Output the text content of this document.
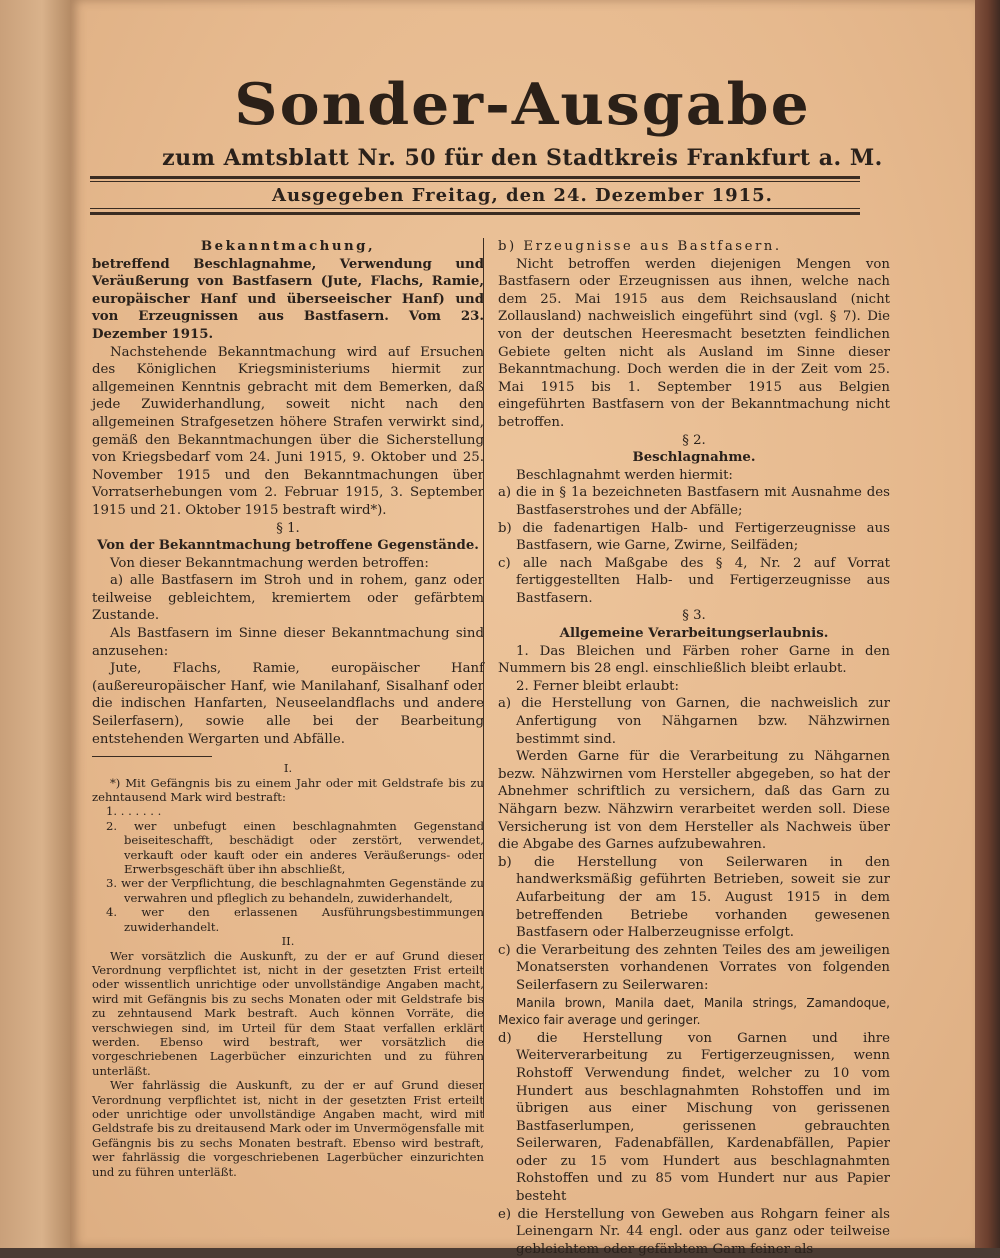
Sonder-Ausgabe
zum Amtsblatt Nr. 50 für den Stadtkreis Frankfurt a. M.
Ausgegeben Freitag, den 24. Dezember 1915.

Bekanntmachung,

betreffend Beschlagnahme, Verwendung und Veräußerung von Bastfasern (Jute, Flachs, Ramie, europäischer Hanf und überseeischer Hanf) und von Erzeugnissen aus Bastfasern. Vom 23. Dezember 1915.

Nachstehende Bekanntmachung wird auf Ersuchen des Königlichen Kriegsministeriums hiermit zur allgemeinen Kenntnis gebracht mit dem Bemerken, daß jede Zuwiderhandlung, soweit nicht nach den allgemeinen Strafgesetzen höhere Strafen verwirkt sind, gemäß den Bekanntmachungen über die Sicherstellung von Kriegsbedarf vom 24. Juni 1915, 9. Oktober und 25. November 1915 und den Bekanntmachungen über Vorratserhebungen vom 2. Februar 1915, 3. September 1915 und 21. Oktober 1915 bestraft wird*).

§ 1.

Von der Bekanntmachung betroffene Gegenstände.

Von dieser Bekanntmachung werden betroffen:

a) alle Bastfasern im Stroh und in rohem, ganz oder teilweise gebleichtem, kremiertem oder gefärbtem Zustande.

Als Bastfasern im Sinne dieser Bekanntmachung sind anzusehen:

Jute, Flachs, Ramie, europäischer Hanf (außereuropäischer Hanf, wie Manilahanf, Sisalhanf oder die indischen Hanfarten, Neuseelandflachs und andere Seilerfasern), sowie alle bei der Bearbeitung entstehenden Wergarten und Abfälle.

I.

*) Mit Gefängnis bis zu einem Jahr oder mit Geldstrafe bis zu zehntausend Mark wird bestraft:

1. . . . . . .

2. wer unbefugt einen beschlagnahmten Gegenstand beiseiteschafft, beschädigt oder zerstört, verwendet, verkauft oder kauft oder ein anderes Veräußerungs- oder Erwerbsgeschäft über ihn abschließt,

3. wer der Verpflichtung, die beschlagnahmten Gegenstände zu verwahren und pfleglich zu behandeln, zuwiderhandelt,

4. wer den erlassenen Ausführungsbestimmungen zuwiderhandelt.

II.

Wer vorsätzlich die Auskunft, zu der er auf Grund dieser Verordnung verpflichtet ist, nicht in der gesetzten Frist erteilt oder wissentlich unrichtige oder unvollständige Angaben macht, wird mit Gefängnis bis zu sechs Monaten oder mit Geldstrafe bis zu zehntausend Mark bestraft. Auch können Vorräte, die verschwiegen sind, im Urteil für dem Staat verfallen erklärt werden. Ebenso wird bestraft, wer vorsätzlich die vorgeschriebenen Lagerbücher einzurichten und zu führen unterläßt.

Wer fahrlässig die Auskunft, zu der er auf Grund dieser Verordnung verpflichtet ist, nicht in der gesetzten Frist erteilt oder unrichtige oder unvollständige Angaben macht, wird mit Geldstrafe bis zu dreitausend Mark oder im Unvermögensfalle mit Gefängnis bis zu sechs Monaten bestraft. Ebenso wird bestraft, wer fahrlässig die vorgeschriebenen Lagerbücher einzurichten und zu führen unterläßt.

b) Erzeugnisse aus Bastfasern.

Nicht betroffen werden diejenigen Mengen von Bastfasern oder Erzeugnissen aus ihnen, welche nach dem 25. Mai 1915 aus dem Reichsausland (nicht Zollausland) nachweislich eingeführt sind (vgl. § 7). Die von der deutschen Heeresmacht besetzten feindlichen Gebiete gelten nicht als Ausland im Sinne dieser Bekanntmachung. Doch werden die in der Zeit vom 25. Mai 1915 bis 1. September 1915 aus Belgien eingeführten Bastfasern von der Bekanntmachung nicht betroffen.

§ 2.

Beschlagnahme.

Beschlagnahmt werden hiermit:

a) die in § 1a bezeichneten Bastfasern mit Ausnahme des Bastfaserstrohes und der Abfälle;

b) die fadenartigen Halb- und Fertigerzeugnisse aus Bastfasern, wie Garne, Zwirne, Seilfäden;

c) alle nach Maßgabe des § 4, Nr. 2 auf Vorrat fertiggestellten Halb- und Fertigerzeugnisse aus Bastfasern.

§ 3.

Allgemeine Verarbeitungserlaubnis.

1. Das Bleichen und Färben roher Garne in den Nummern bis 28 engl. einschließlich bleibt erlaubt.

2. Ferner bleibt erlaubt:

a) die Herstellung von Garnen, die nachweislich zur Anfertigung von Nähgarnen bzw. Nähzwirnen bestimmt sind.

Werden Garne für die Verarbeitung zu Nähgarnen bezw. Nähzwirnen vom Hersteller abgegeben, so hat der Abnehmer schriftlich zu versichern, daß das Garn zu Nähgarn bezw. Nähzwirn verarbeitet werden soll. Diese Versicherung ist von dem Hersteller als Nachweis über die Abgabe des Garnes aufzubewahren.

b) die Herstellung von Seilerwaren in den handwerksmäßig geführten Betrieben, soweit sie zur Aufarbeitung der am 15. August 1915 in dem betreffenden Betriebe vorhanden gewesenen Bastfasern oder Halberzeugnisse erfolgt.

c) die Verarbeitung des zehnten Teiles des am jeweiligen Monatsersten vorhandenen Vorrates von folgenden Seilerfasern zu Seilerwaren:

Manila brown, Manila daet, Manila strings, Zamandoque, Mexico fair average und geringer.

d) die Herstellung von Garnen und ihre Weiterverarbeitung zu Fertigerzeugnissen, wenn Rohstoff Verwendung findet, welcher zu 10 vom Hundert aus beschlagnahmten Rohstoffen und im übrigen aus einer Mischung von gerissenen Bastfaserlumpen, gerissenen gebrauchten Seilerwaren, Fadenabfällen, Kardenabfällen, Papier oder zu 15 vom Hundert aus beschlagnahmten Rohstoffen und zu 85 vom Hundert nur aus Papier besteht

e) die Herstellung von Geweben aus Rohgarn feiner als Leinengarn Nr. 44 engl. oder aus ganz oder teilweise gebleichtem oder gefärbtem Garn feiner als
